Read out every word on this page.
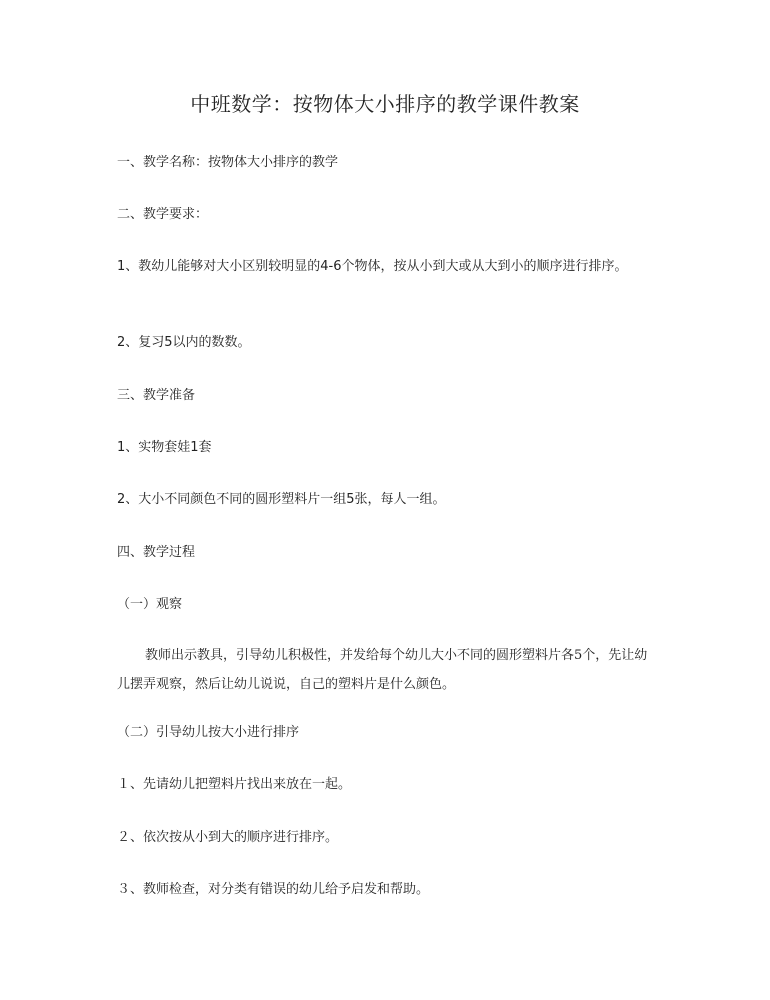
中班数学：按物体大小排序的教学课件教案
一、教学名称：按物体大小排序的教学
二、教学要求：
1、教幼儿能够对大小区别较明显的4-6个物体，按从小到大或从大到小的顺序进行排序。
2、复习5以内的数数。
三、教学准备
1、实物套娃1套
2、大小不同颜色不同的圆形塑料片一组5张，每人一组。
四、教学过程
（一）观察
教师出示教具，引导幼儿积极性，并发给每个幼儿大小不同的圆形塑料片各5个，先让幼儿摆弄观察，然后让幼儿说说，自己的塑料片是什么颜色。
（二）引导幼儿按大小进行排序
１、先请幼儿把塑料片找出来放在一起。
２、依次按从小到大的顺序进行排序。
３、教师检查，对分类有错误的幼儿给予启发和帮助。
